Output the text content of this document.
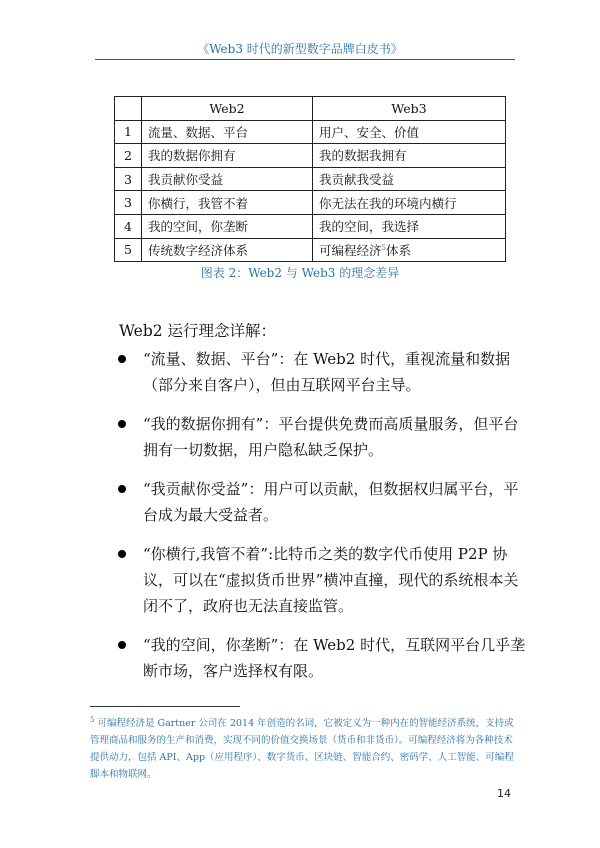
《Web3 时代的新型数字品牌白皮书》
	Web2	Web3
1	流量、数据、平台	用户、安全、价值
2	我的数据你拥有	我的数据我拥有
3	我贡献你受益	我贡献我受益
3	你横行，我管不着	你无法在我的环境内横行
4	我的空间，你垄断	我的空间，我选择
5	传统数字经济体系	可编程经济$^5$体系
图表 2：Web2 与 Web3 的理念差异
Web2 运行理念详解：
“流量、数据、平台”：在 Web2 时代，重视流量和数据（部分来自客户），但由互联网平台主导。
“我的数据你拥有”：平台提供免费而高质量服务，但平台拥有一切数据，用户隐私缺乏保护。
“我贡献你受益”：用户可以贡献，但数据权归属平台，平台成为最大受益者。
“你横行,我管不着”:比特币之类的数字代币使用 P2P 协议，可以在“虚拟货币世界”横冲直撞，现代的系统根本关闭不了，政府也无法直接监管。
“我的空间，你垄断”：在 Web2 时代，互联网平台几乎垄断市场，客户选择权有限。
$^5$ 可编程经济是 Gartner 公司在 2014 年创造的名词，它被定义为一种内在的智能经济系统，支持或管理商品和服务的生产和消费，实现不同的价值交换场景（货币和非货币）。可编程经济将为各种技术提供动力，包括 API、App（应用程序）、数字货币、区块链、智能合约、密码学、人工智能、可编程脚本和物联网。
14
